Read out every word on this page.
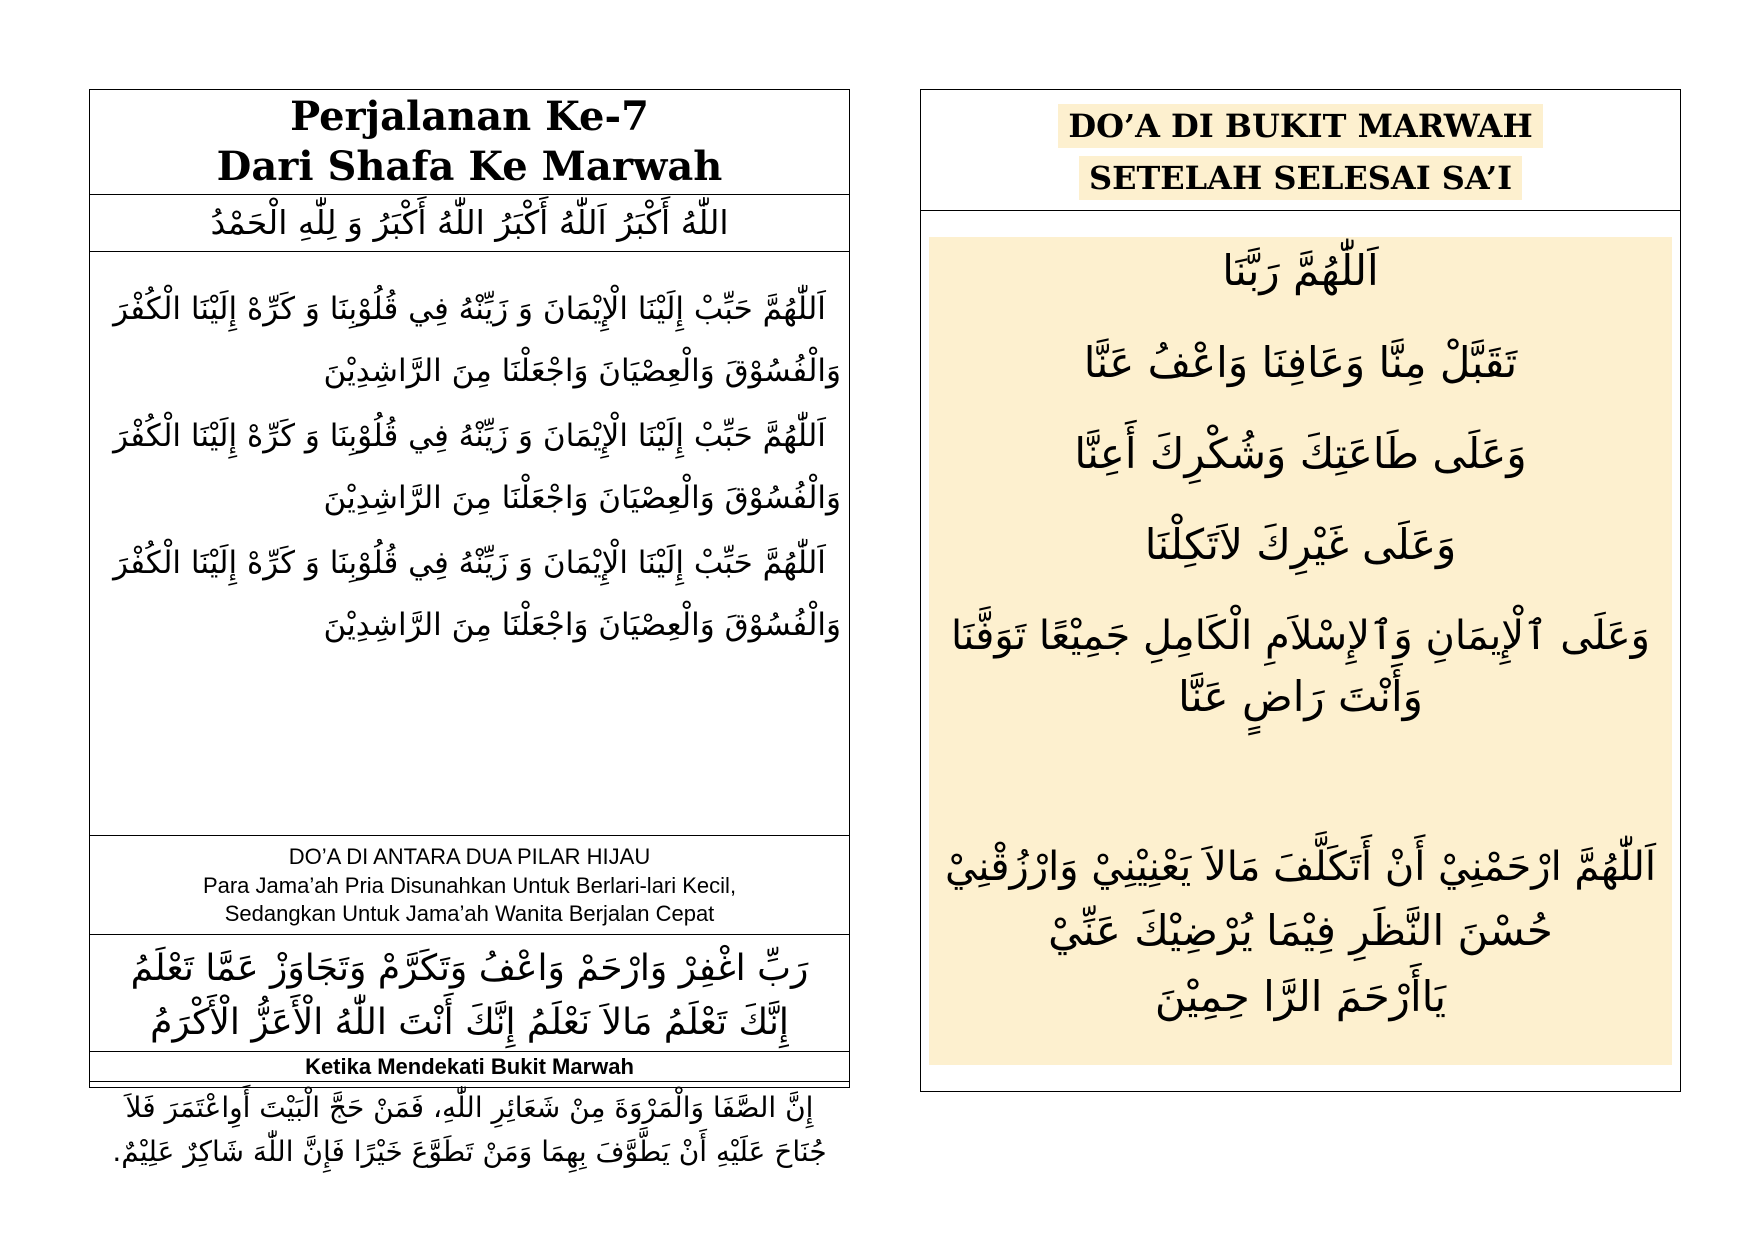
Perjalanan Ke-7
Dari Shafa Ke Marwah
اللّٰهُ أَكْبَرُ اَللّٰهُ أَكْبَرُ اللّٰهُ أَكْبَرُ وَ لِلّٰهِ الْحَمْدُ
اَللّٰهُمَّ حَبِّبْ إِلَيْنَا الْإِيْمَانَ وَ زَيِّنْهُ فِي قُلُوْبِنَا وَ كَرِّهْ إِلَيْنَا الْكُفْرَ
وَالْفُسُوْقَ وَالْعِصْيَانَ وَاجْعَلْنَا مِنَ الرَّاشِدِيْنَ
اَللّٰهُمَّ حَبِّبْ إِلَيْنَا الْإِيْمَانَ وَ زَيِّنْهُ فِي قُلُوْبِنَا وَ كَرِّهْ إِلَيْنَا الْكُفْرَ
وَالْفُسُوْقَ وَالْعِصْيَانَ وَاجْعَلْنَا مِنَ الرَّاشِدِيْنَ
اَللّٰهُمَّ حَبِّبْ إِلَيْنَا الْإِيْمَانَ وَ زَيِّنْهُ فِي قُلُوْبِنَا وَ كَرِّهْ إِلَيْنَا الْكُفْرَ
وَالْفُسُوْقَ وَالْعِصْيَانَ وَاجْعَلْنَا مِنَ الرَّاشِدِيْنَ
DO’A DI ANTARA DUA PILAR HIJAU
Para Jama’ah Pria Disunahkan Untuk Berlari-lari Kecil,
Sedangkan Untuk Jama’ah Wanita Berjalan Cepat
رَبِّ اغْفِرْ وَارْحَمْ وَاعْفُ وَتَكَرَّمْ وَتَجَاوَزْ عَمَّا تَعْلَمُ
إِنَّكَ تَعْلَمُ مَالاَ نَعْلَمُ إِنَّكَ أَنْتَ اللّٰهُ الْأَعَزُّ الْأَكْرَمُ
Ketika Mendekati Bukit Marwah
إِنَّ الصَّفَا وَالْمَرْوَةَ مِنْ شَعَائِرِ اللّٰهِ، فَمَنْ حَجَّ الْبَيْتَ أَوِاعْتَمَرَ فَلاَ
جُنَاحَ عَلَيْهِ أَنْ يَطَّوَّفَ بِهِمَا وَمَنْ تَطَوَّعَ خَيْرًا فَإِنَّ اللّٰهَ شَاكِرٌ عَلِيْمٌ.
DO’A DI BUKIT MARWAH
SETELAH SELESAI SA’I
اَللّٰهُمَّ رَبَّنَا
تَقَبَّلْ مِنَّا وَعَافِنَا وَاعْفُ عَنَّا
وَعَلَى طَاعَتِكَ وَشُكْرِكَ أَعِنَّا
وَعَلَى غَيْرِكَ لاَتَكِلْنَا
وَعَلَى ٱلْإِيمَانِ وَٱلإِسْلاَمِ الْكَامِلِ جَمِيْعًا تَوَفَّنَا
وَأَنْتَ رَاضٍ عَنَّا
اَللّٰهُمَّ ارْحَمْنِيْ أَنْ أَتَكَلَّفَ مَالاَ يَعْنِيْنِيْ وَارْزُقْنِيْ
حُسْنَ النَّظَرِ فِيْمَا يُرْضِيْكَ عَنِّيْ
يَاأَرْحَمَ الرَّا حِمِيْنَ
